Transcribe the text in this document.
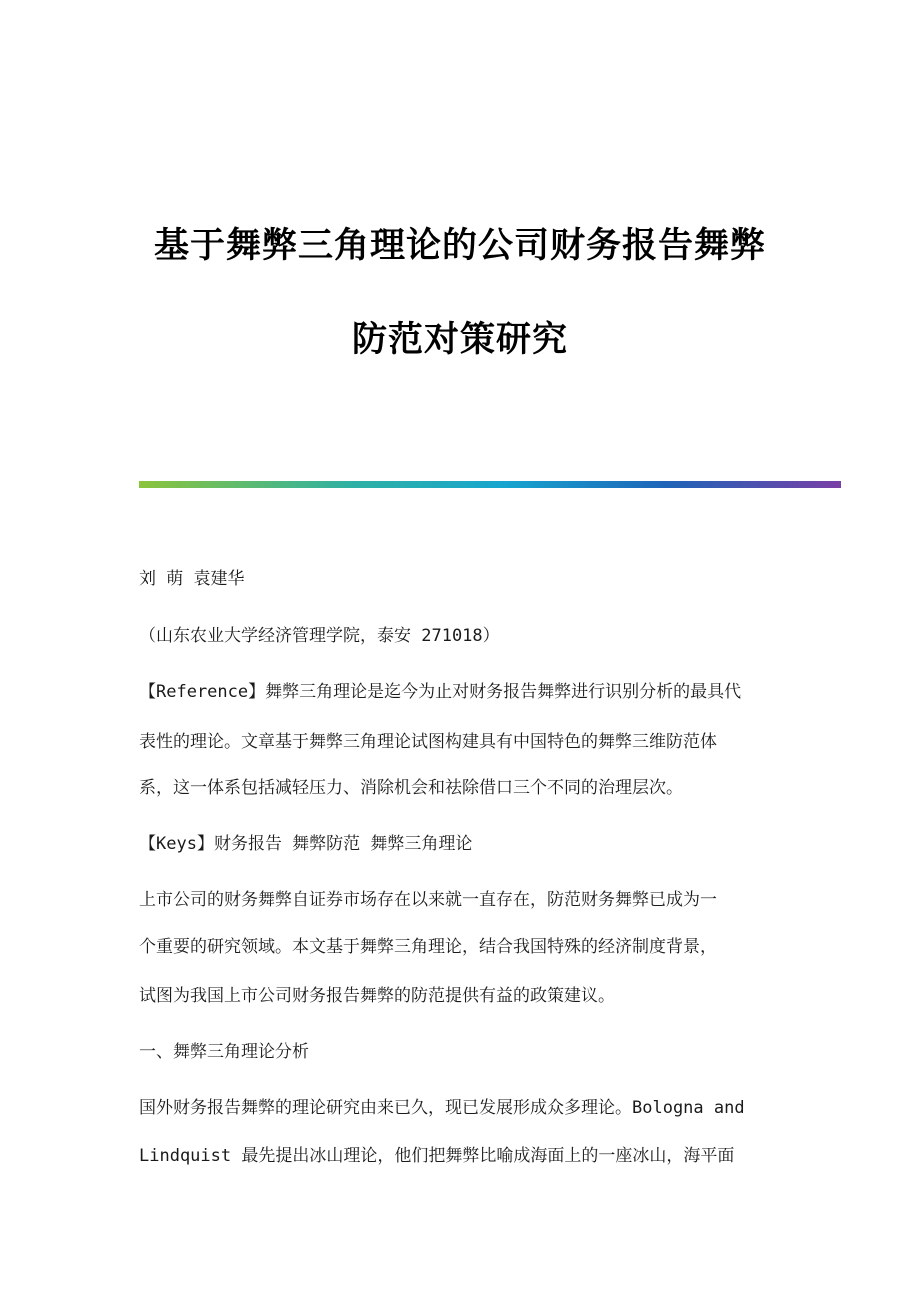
基于舞弊三角理论的公司财务报告舞弊
防范对策研究
刘 萌 袁建华
（山东农业大学经济管理学院，泰安 271018）
【Reference】舞弊三角理论是迄今为止对财务报告舞弊进行识别分析的最具代
表性的理论。文章基于舞弊三角理论试图构建具有中国特色的舞弊三维防范体
系，这一体系包括减轻压力、消除机会和祛除借口三个不同的治理层次。
【Keys】财务报告 舞弊防范 舞弊三角理论
上市公司的财务舞弊自证券市场存在以来就一直存在，防范财务舞弊已成为一
个重要的研究领域。本文基于舞弊三角理论，结合我国特殊的经济制度背景，
试图为我国上市公司财务报告舞弊的防范提供有益的政策建议。
一、舞弊三角理论分析
国外财务报告舞弊的理论研究由来已久，现已发展形成众多理论。Bologna and
Lindquist 最先提出冰山理论，他们把舞弊比喻成海面上的一座冰山，海平面
